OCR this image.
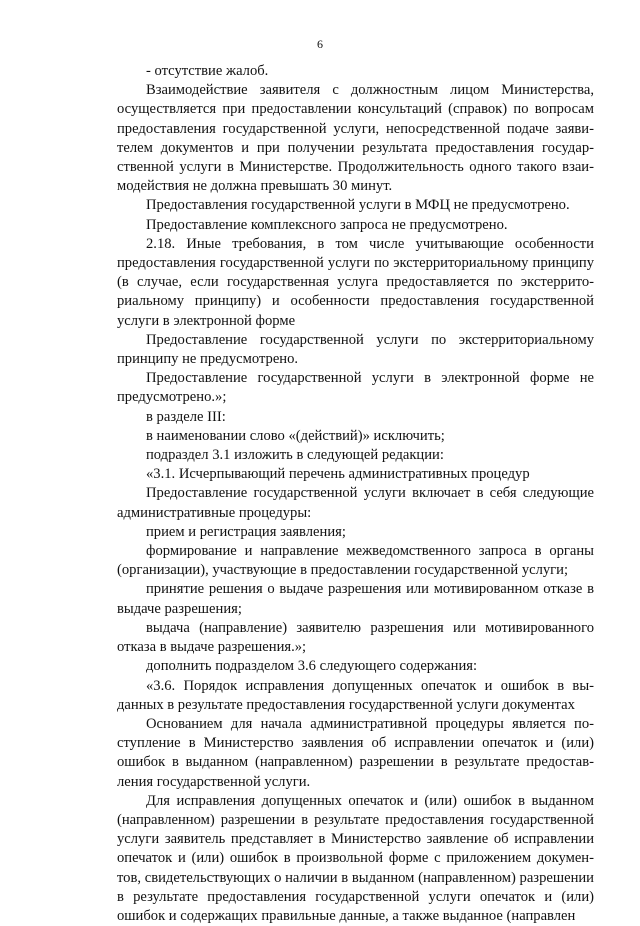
6

- отсутствие жалоб.

Взаимодействие заявителя с должностным лицом Министерства, осуществляется при предоставлении консультаций (справок) по вопросам предоставления государственной услуги, непосредственной подаче заявителем документов и при получении результата предоставления государственной услуги в Министерстве. Продолжительность одного такого взаимодействия не должна превышать 30 минут.

Предоставления государственной услуги в МФЦ не предусмотрено.

Предоставление комплексного запроса не предусмотрено.

2.18. Иные требования, в том числе учитывающие особенности предоставления государственной услуги по экстерриториальному принципу (в случае, если государственная услуга предоставляется по экстерриториальному принципу) и особенности предоставления государственной услуги в электронной форме

Предоставление государственной услуги по экстерриториальному принципу не предусмотрено.

Предоставление государственной услуги в электронной форме не предусмотрено.»;

в разделе III:

в наименовании слово «(действий)» исключить;

подраздел 3.1 изложить в следующей редакции:

«3.1. Исчерпывающий перечень административных процедур

Предоставление государственной услуги включает в себя следующие административные процедуры:

прием и регистрация заявления;

формирование и направление межведомственного запроса в органы (организации), участвующие в предоставлении государственной услуги;

принятие решения о выдаче разрешения или мотивированном отказе в выдаче разрешения;

выдача (направление) заявителю разрешения или мотивированного отказа в выдаче разрешения.»;

дополнить подразделом 3.6 следующего содержания:

«3.6. Порядок исправления допущенных опечаток и ошибок в выданных в результате предоставления государственной услуги документах

Основанием для начала административной процедуры является поступление в Министерство заявления об исправлении опечаток и (или) ошибок в выданном (направленном) разрешении в результате предоставления государственной услуги.

Для исправления допущенных опечаток и (или) ошибок в выданном (направленном) разрешении в результате предоставления государственной услуги заявитель представляет в Министерство заявление об исправлении опечаток и (или) ошибок в произвольной форме с приложением документов, свидетельствующих о наличии в выданном (направленном) разрешении в результате предоставления государственной услуги опечаток и (или) ошибок и содержащих правильные данные, а также выданное (направлен
